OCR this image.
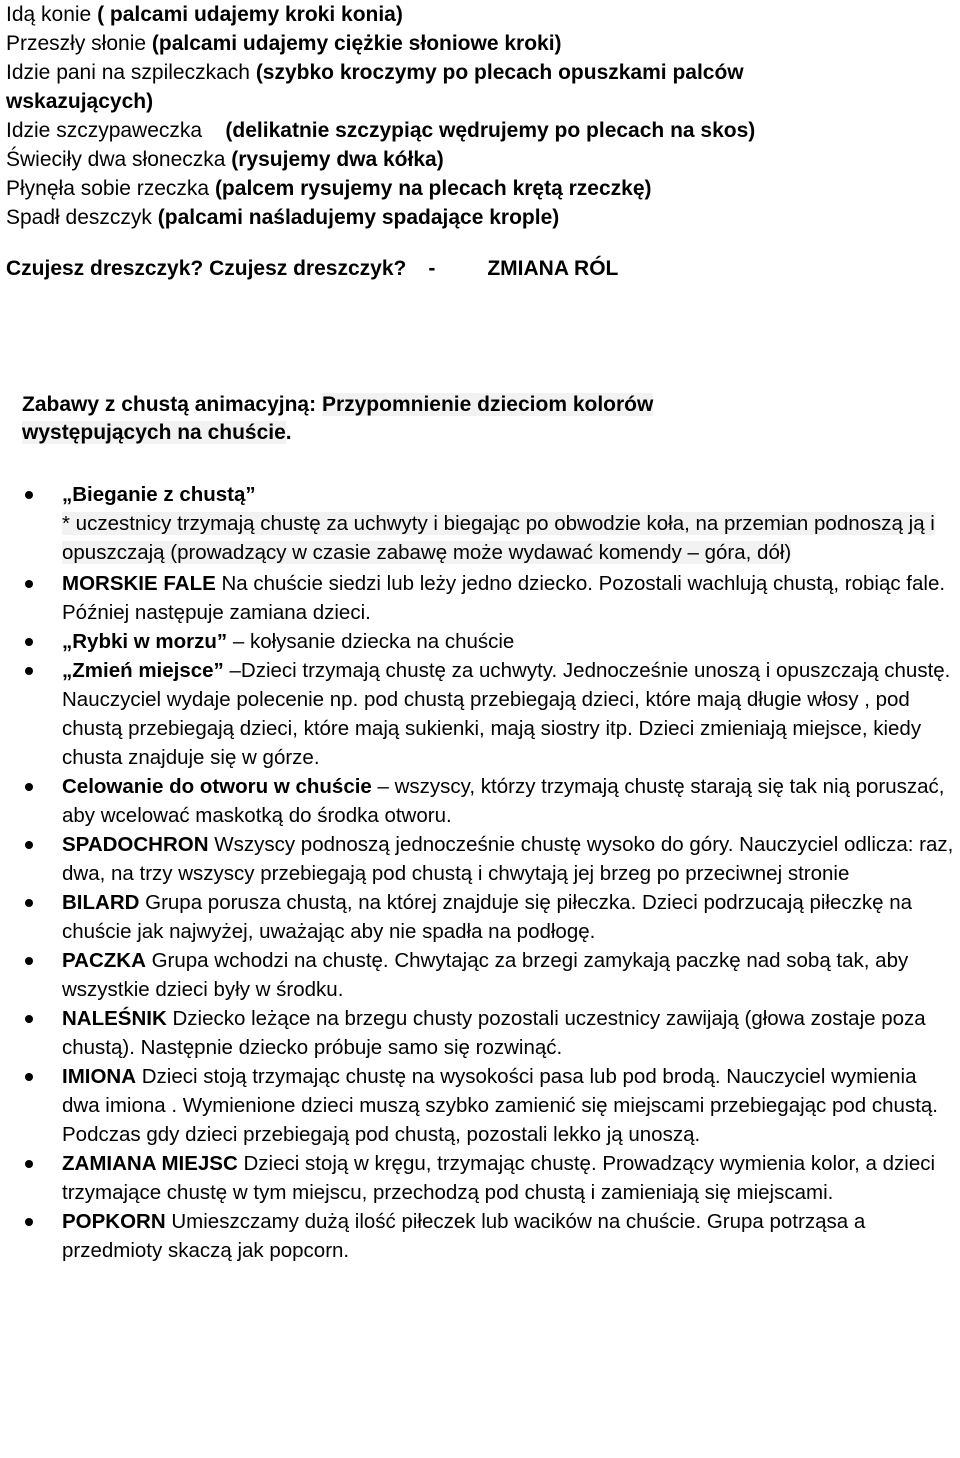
Idą konie ( palcami udajemy kroki konia)
Przeszły słonie (palcami udajemy ciężkie słoniowe kroki)
Idzie pani na szpileczkach (szybko kroczymy po plecach opuszkami palców
wskazujących)
Idzie szczypaweczka    (delikatnie szczypiąc wędrujemy po plecach na skos)
Świeciły dwa słoneczka (rysujemy dwa kółka)
Płynęła sobie rzeczka (palcem rysujemy na plecach krętą rzeczkę)
Spadł deszczyk (palcami naśladujemy spadające krople)
Czujesz dreszczyk? Czujesz dreszczyk? - ZMIANA RÓL
Zabawy z chustą animacyjną: Przypomnienie dzieciom kolorów
występujących na chuście.
„Bieganie z chustą”
* uczestnicy trzymają chustę za uchwyty i biegając po obwodzie koła, na przemian podnoszą ją i opuszczają (prowadzący w czasie zabawę może wydawać komendy – góra, dół)
MORSKIE FALE Na chuście siedzi lub leży jedno dziecko. Pozostali wachlują chustą, robiąc fale. Później następuje zamiana dzieci.
„Rybki w morzu” – kołysanie dziecka na chuście
„Zmień miejsce” –Dzieci trzymają chustę za uchwyty. Jednocześnie unoszą i opuszczają chustę. Nauczyciel wydaje polecenie np. pod chustą przebiegają dzieci, które mają długie włosy , pod chustą przebiegają dzieci, które mają sukienki, mają siostry itp. Dzieci zmieniają miejsce, kiedy chusta znajduje się w górze.
Celowanie do otworu w chuście – wszyscy, którzy trzymają chustę starają się tak nią poruszać, aby wcelować maskotką do środka otworu.
SPADOCHRON Wszyscy podnoszą jednocześnie chustę wysoko do góry. Nauczyciel odlicza: raz, dwa, na trzy wszyscy przebiegają pod chustą i chwytają jej brzeg po przeciwnej stronie
BILARD Grupa porusza chustą, na której znajduje się piłeczka. Dzieci podrzucają piłeczkę na chuście jak najwyżej, uważając aby nie spadła na podłogę.
PACZKA Grupa wchodzi na chustę. Chwytając za brzegi zamykają paczkę nad sobą tak, aby wszystkie dzieci były w środku.
NALEŚNIK Dziecko leżące na brzegu chusty pozostali uczestnicy zawijają (głowa zostaje poza chustą). Następnie dziecko próbuje samo się rozwinąć.
IMIONA Dzieci stoją trzymając chustę na wysokości pasa lub pod brodą. Nauczyciel wymienia dwa imiona . Wymienione dzieci muszą szybko zamienić się miejscami przebiegając pod chustą. Podczas gdy dzieci przebiegają pod chustą, pozostali lekko ją unoszą.
ZAMIANA MIEJSC Dzieci stoją w kręgu, trzymając chustę. Prowadzący wymienia kolor, a dzieci trzymające chustę w tym miejscu, przechodzą pod chustą i zamieniają się miejscami.
POPKORN Umieszczamy dużą ilość piłeczek lub wacików na chuście. Grupa potrząsa a przedmioty skaczą jak popcorn.
